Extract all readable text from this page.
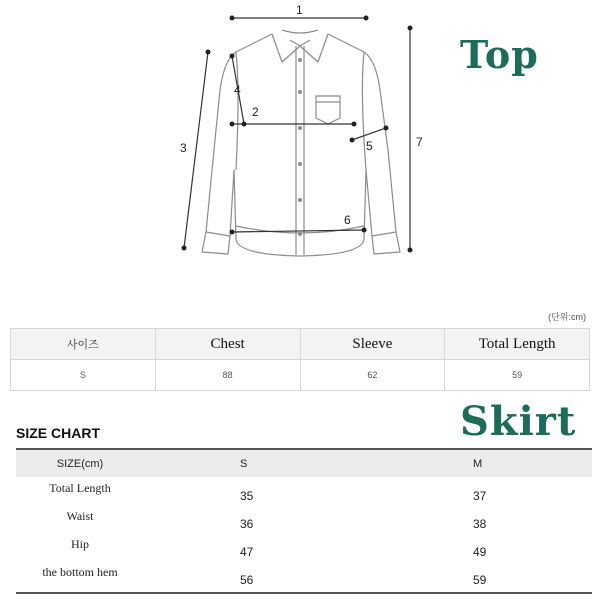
1
2
3
4
5
6
7
Top
(단위:cm)
사이즈	Chest	Sleeve	Total Length
S	88	62	59
Skirt
SIZE CHART
SIZE(cm)	S	M
Total Length	35	37
Waist	36	38
Hip	47	49
the bottom hem	56	59
